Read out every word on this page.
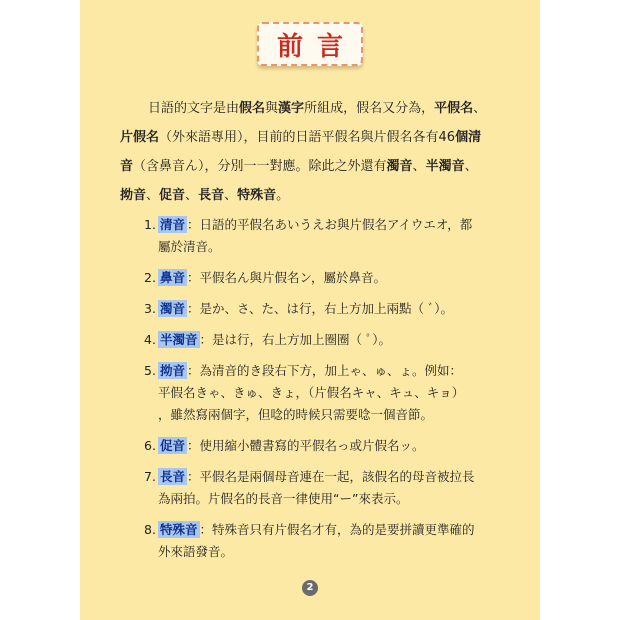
前言

日語的文字是由假名與漢字所組成，假名又分為，平假名、

片假名（外來語專用），目前的日語平假名與片假名各有46個清

音（含鼻音ん），分別一一對應。除此之外還有濁音、半濁音、

拗音、促音、長音、特殊音。

1. 清音 ：日語的平假名あいうえお與片假名アイウエオ，都
屬於清音。
2. 鼻音 ：平假名ん與片假名ン，屬於鼻音。
3. 濁音 ：是か、さ、た、は行，右上方加上兩點（ ﾞ）。
4. 半濁音 ：是は行，右上方加上圈圈（ ﾟ）。
5. 拗音 ：為清音的き段右下方，加上ゃ、ゅ、ょ。例如：
平假名きゃ、きゅ、きょ，（片假名キャ、キュ、キョ）
，雖然寫兩個字，但唸的時候只需要唸一個音節。
6. 促音 ：使用縮小體書寫的平假名っ或片假名ッ。
7. 長音 ：平假名是兩個母音連在一起，該假名的母音被拉長
為兩拍。片假名的長音一律使用“ー”來表示。
8. 特殊音 ：特殊音只有片假名才有，為的是要拼讀更準確的
外來語發音。
2
